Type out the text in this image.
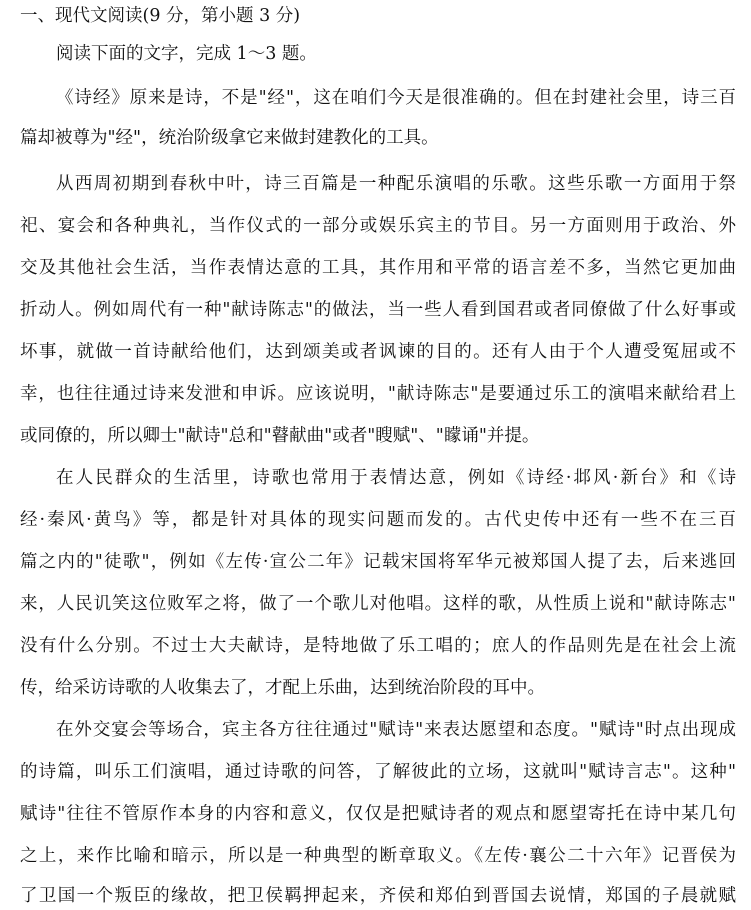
一、现代文阅读(9 分，第小题 3 分)
阅读下面的文字，完成 1～3 题。
《诗经》原来是诗，不是"经"，这在咱们今天是很准确的。但在封建社会里，诗三百
篇却被尊为"经"，统治阶级拿它来做封建教化的工具。
从西周初期到春秋中叶，诗三百篇是一种配乐演唱的乐歌。这些乐歌一方面用于祭
祀、宴会和各种典礼，当作仪式的一部分或娱乐宾主的节目。另一方面则用于政治、外
交及其他社会生活，当作表情达意的工具，其作用和平常的语言差不多，当然它更加曲
折动人。例如周代有一种"献诗陈志"的做法，当一些人看到国君或者同僚做了什么好事或
坏事，就做一首诗献给他们，达到颂美或者讽谏的目的。还有人由于个人遭受冤屈或不
幸，也往往通过诗来发泄和申诉。应该说明，"献诗陈志"是要通过乐工的演唱来献给君上
或同僚的，所以卿士"献诗"总和"瞽献曲"或者"瞍赋"、"矇诵"并提。
在人民群众的生活里，诗歌也常用于表情达意，例如《诗经·邶风·新台》和《诗
经·秦风·黄鸟》等，都是针对具体的现实问题而发的。古代史传中还有一些不在三百
篇之内的"徒歌"，例如《左传·宣公二年》记载宋国将军华元被郑国人提了去，后来逃回
来，人民讥笑这位败军之将，做了一个歌儿对他唱。这样的歌，从性质上说和"献诗陈志"
没有什么分别。不过士大夫献诗，是特地做了乐工唱的；庶人的作品则先是在社会上流
传，给采访诗歌的人收集去了，才配上乐曲，达到统治阶段的耳中。
在外交宴会等场合，宾主各方往往通过"赋诗"来表达愿望和态度。"赋诗"时点出现成
的诗篇，叫乐工们演唱，通过诗歌的问答，了解彼此的立场，这就叫"赋诗言志"。这种"
赋诗"往往不管原作本身的内容和意义，仅仅是把赋诗者的观点和愿望寄托在诗中某几句
之上，来作比喻和暗示，所以是一种典型的断章取义。《左传·襄公二十六年》记晋侯为
了卫国一个叛臣的缘故，把卫侯羁押起来，齐侯和郑伯到晋国去说情，郑国的子晨就赋
